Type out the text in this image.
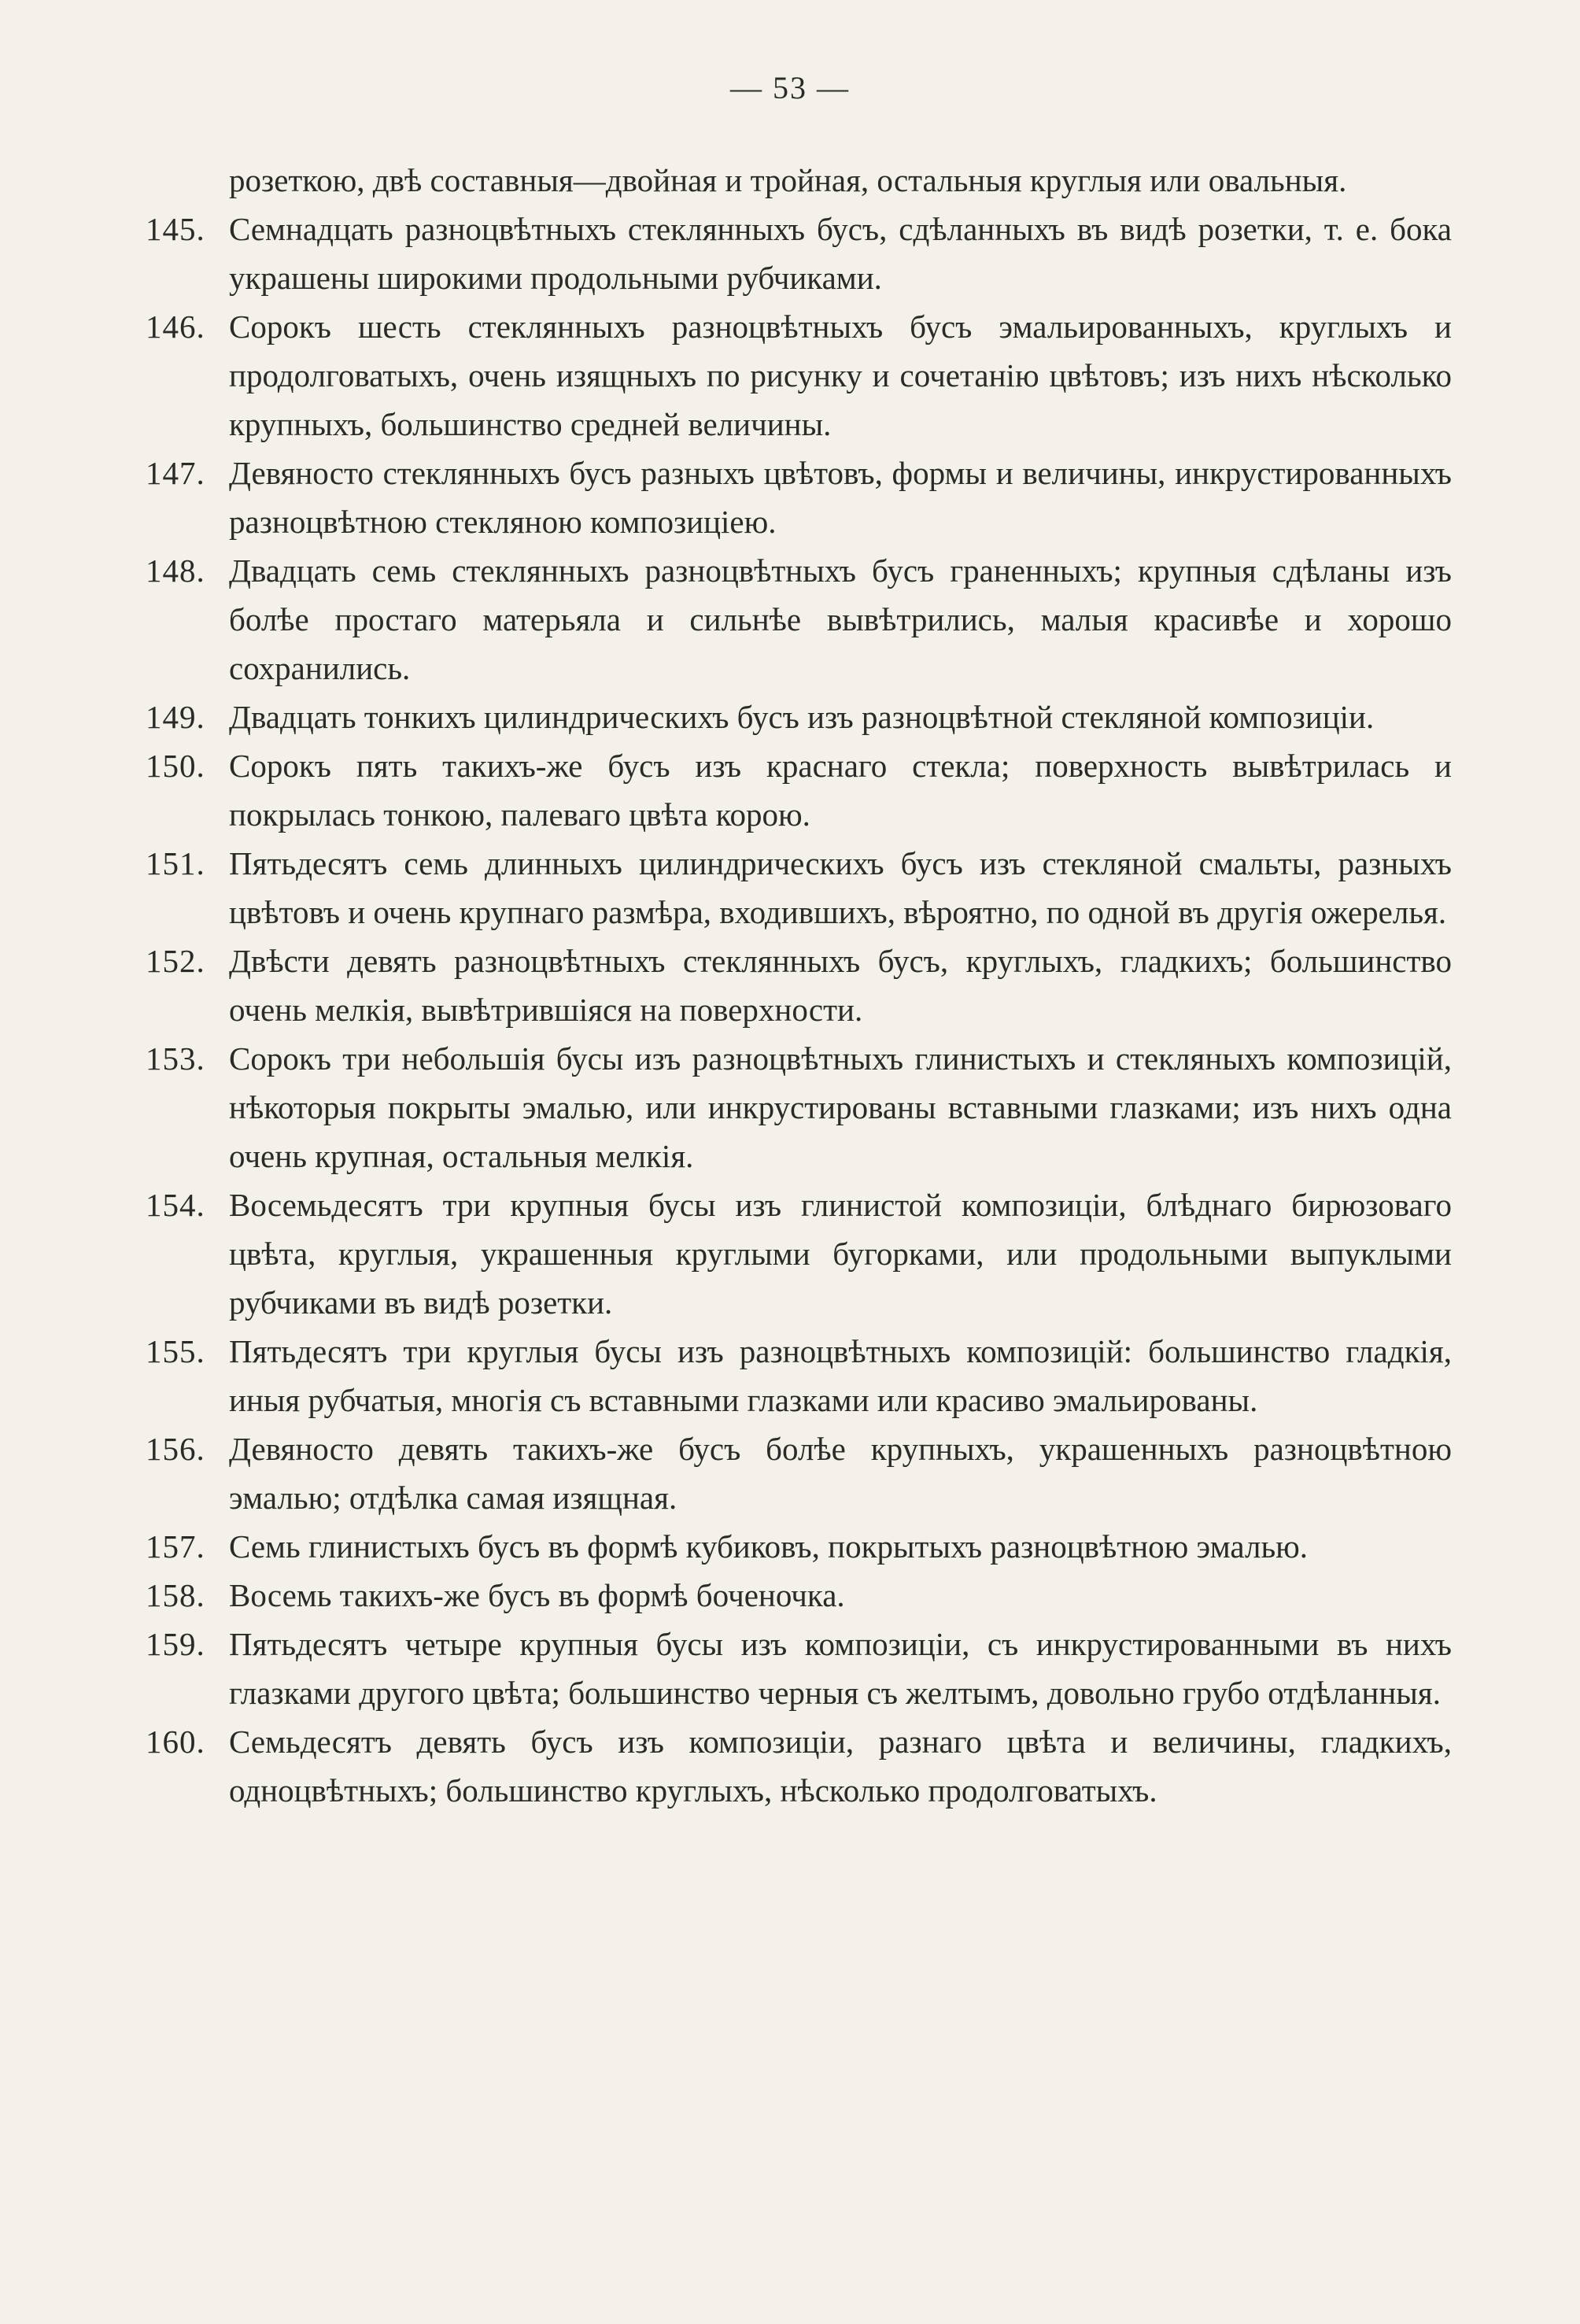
— 53 —

розеткою, двѣ составныя—двойная и тройная, остальныя круглыя или овальныя.

145. Семнадцать разноцвѣтныхъ стеклянныхъ бусъ, сдѣланныхъ въ видѣ розетки, т. е. бока украшены широкими продольными рубчиками.
146. Сорокъ шесть стеклянныхъ разноцвѣтныхъ бусъ эмальированныхъ, круглыхъ и продолговатыхъ, очень изящныхъ по рисунку и сочетанію цвѣтовъ; изъ нихъ нѣсколько крупныхъ, большинство средней величины.
147. Девяносто стеклянныхъ бусъ разныхъ цвѣтовъ, формы и величины, инкрустированныхъ разноцвѣтною стекляною композиціею.
148. Двадцать семь стеклянныхъ разноцвѣтныхъ бусъ граненныхъ; крупныя сдѣланы изъ болѣе простаго матерьяла и сильнѣе вывѣтрились, малыя красивѣе и хорошо сохранились.
149. Двадцать тонкихъ цилиндрическихъ бусъ изъ разноцвѣтной стекляной композиціи.
150. Сорокъ пять такихъ-же бусъ изъ краснаго стекла; поверхность вывѣтрилась и покрылась тонкою, палеваго цвѣта корою.
151. Пятьдесятъ семь длинныхъ цилиндрическихъ бусъ изъ стекляной смальты, разныхъ цвѣтовъ и очень крупнаго размѣра, входившихъ, вѣроятно, по одной въ другія ожерелья.
152. Двѣсти девять разноцвѣтныхъ стеклянныхъ бусъ, круглыхъ, гладкихъ; большинство очень мелкія, вывѣтрившіяся на поверхности.
153. Сорокъ три небольшія бусы изъ разноцвѣтныхъ глинистыхъ и стекляныхъ композицій, нѣкоторыя покрыты эмалью, или инкрустированы вставными глазками; изъ нихъ одна очень крупная, остальныя мелкія.
154. Восемьдесятъ три крупныя бусы изъ глинистой композиціи, блѣднаго бирюзоваго цвѣта, круглыя, украшенныя круглыми бугорками, или продольными выпуклыми рубчиками въ видѣ розетки.
155. Пятьдесятъ три круглыя бусы изъ разноцвѣтныхъ композицій: большинство гладкія, иныя рубчатыя, многія съ вставными глазками или красиво эмальированы.
156. Девяносто девять такихъ-же бусъ болѣе крупныхъ, украшенныхъ разноцвѣтною эмалью; отдѣлка самая изящная.
157. Семь глинистыхъ бусъ въ формѣ кубиковъ, покрытыхъ разноцвѣтною эмалью.
158. Восемь такихъ-же бусъ въ формѣ боченочка.
159. Пятьдесятъ четыре крупныя бусы изъ композиціи, съ инкрустированными въ нихъ глазками другого цвѣта; большинство черныя съ желтымъ, довольно грубо отдѣланныя.
160. Семьдесятъ девять бусъ изъ композиціи, разнаго цвѣта и величины, гладкихъ, одноцвѣтныхъ; большинство круглыхъ, нѣсколько продолговатыхъ.
